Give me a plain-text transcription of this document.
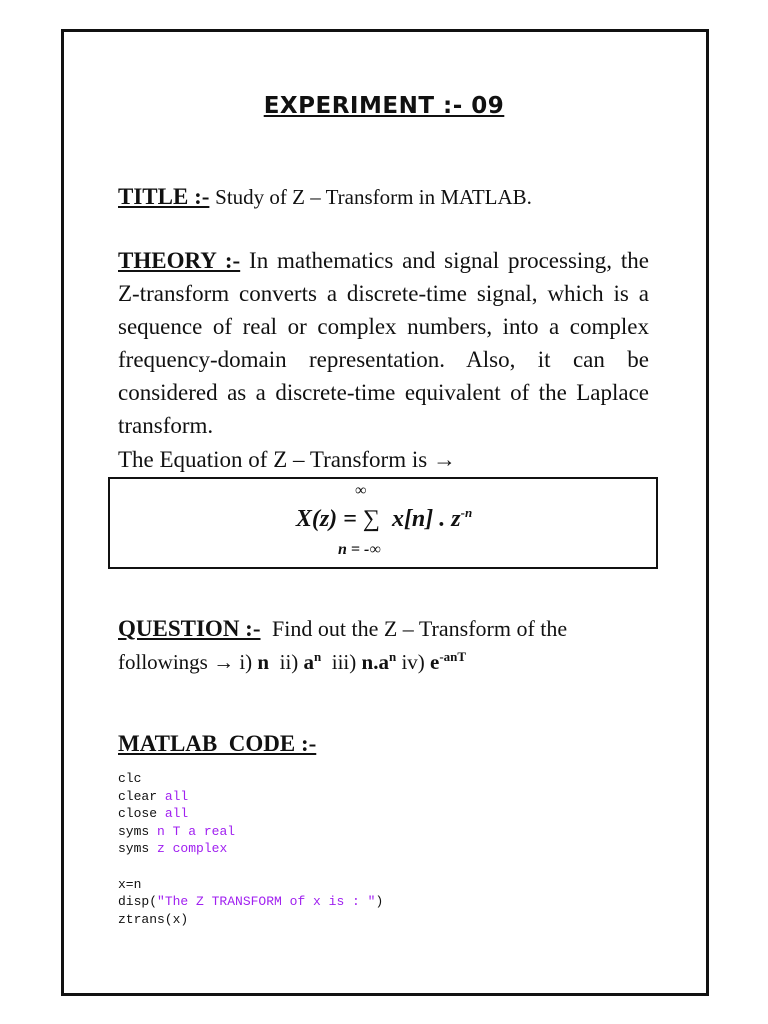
EXPERIMENT :- 09
TITLE :- Study of Z – Transform in MATLAB.
THEORY :- In mathematics and signal processing, the Z-transform converts a discrete-time signal, which is a sequence of real or complex numbers, into a complex frequency-domain representation. Also, it can be considered as a discrete-time equivalent of the Laplace transform.
The Equation of Z – Transform is →
∞
X(z) = ∑ x[n] . $z^{-n}$
n = -∞
QUESTION :- Find out the Z – Transform of the
followings → i) n ii) $a^n$ iii) $n.a^n$ iv) $e^{-anT}$
MATLAB  CODE :-
clc
clear all
close all
syms n T a real
syms z complex
x=n
disp("The Z TRANSFORM of x is : ")
ztrans(x)
